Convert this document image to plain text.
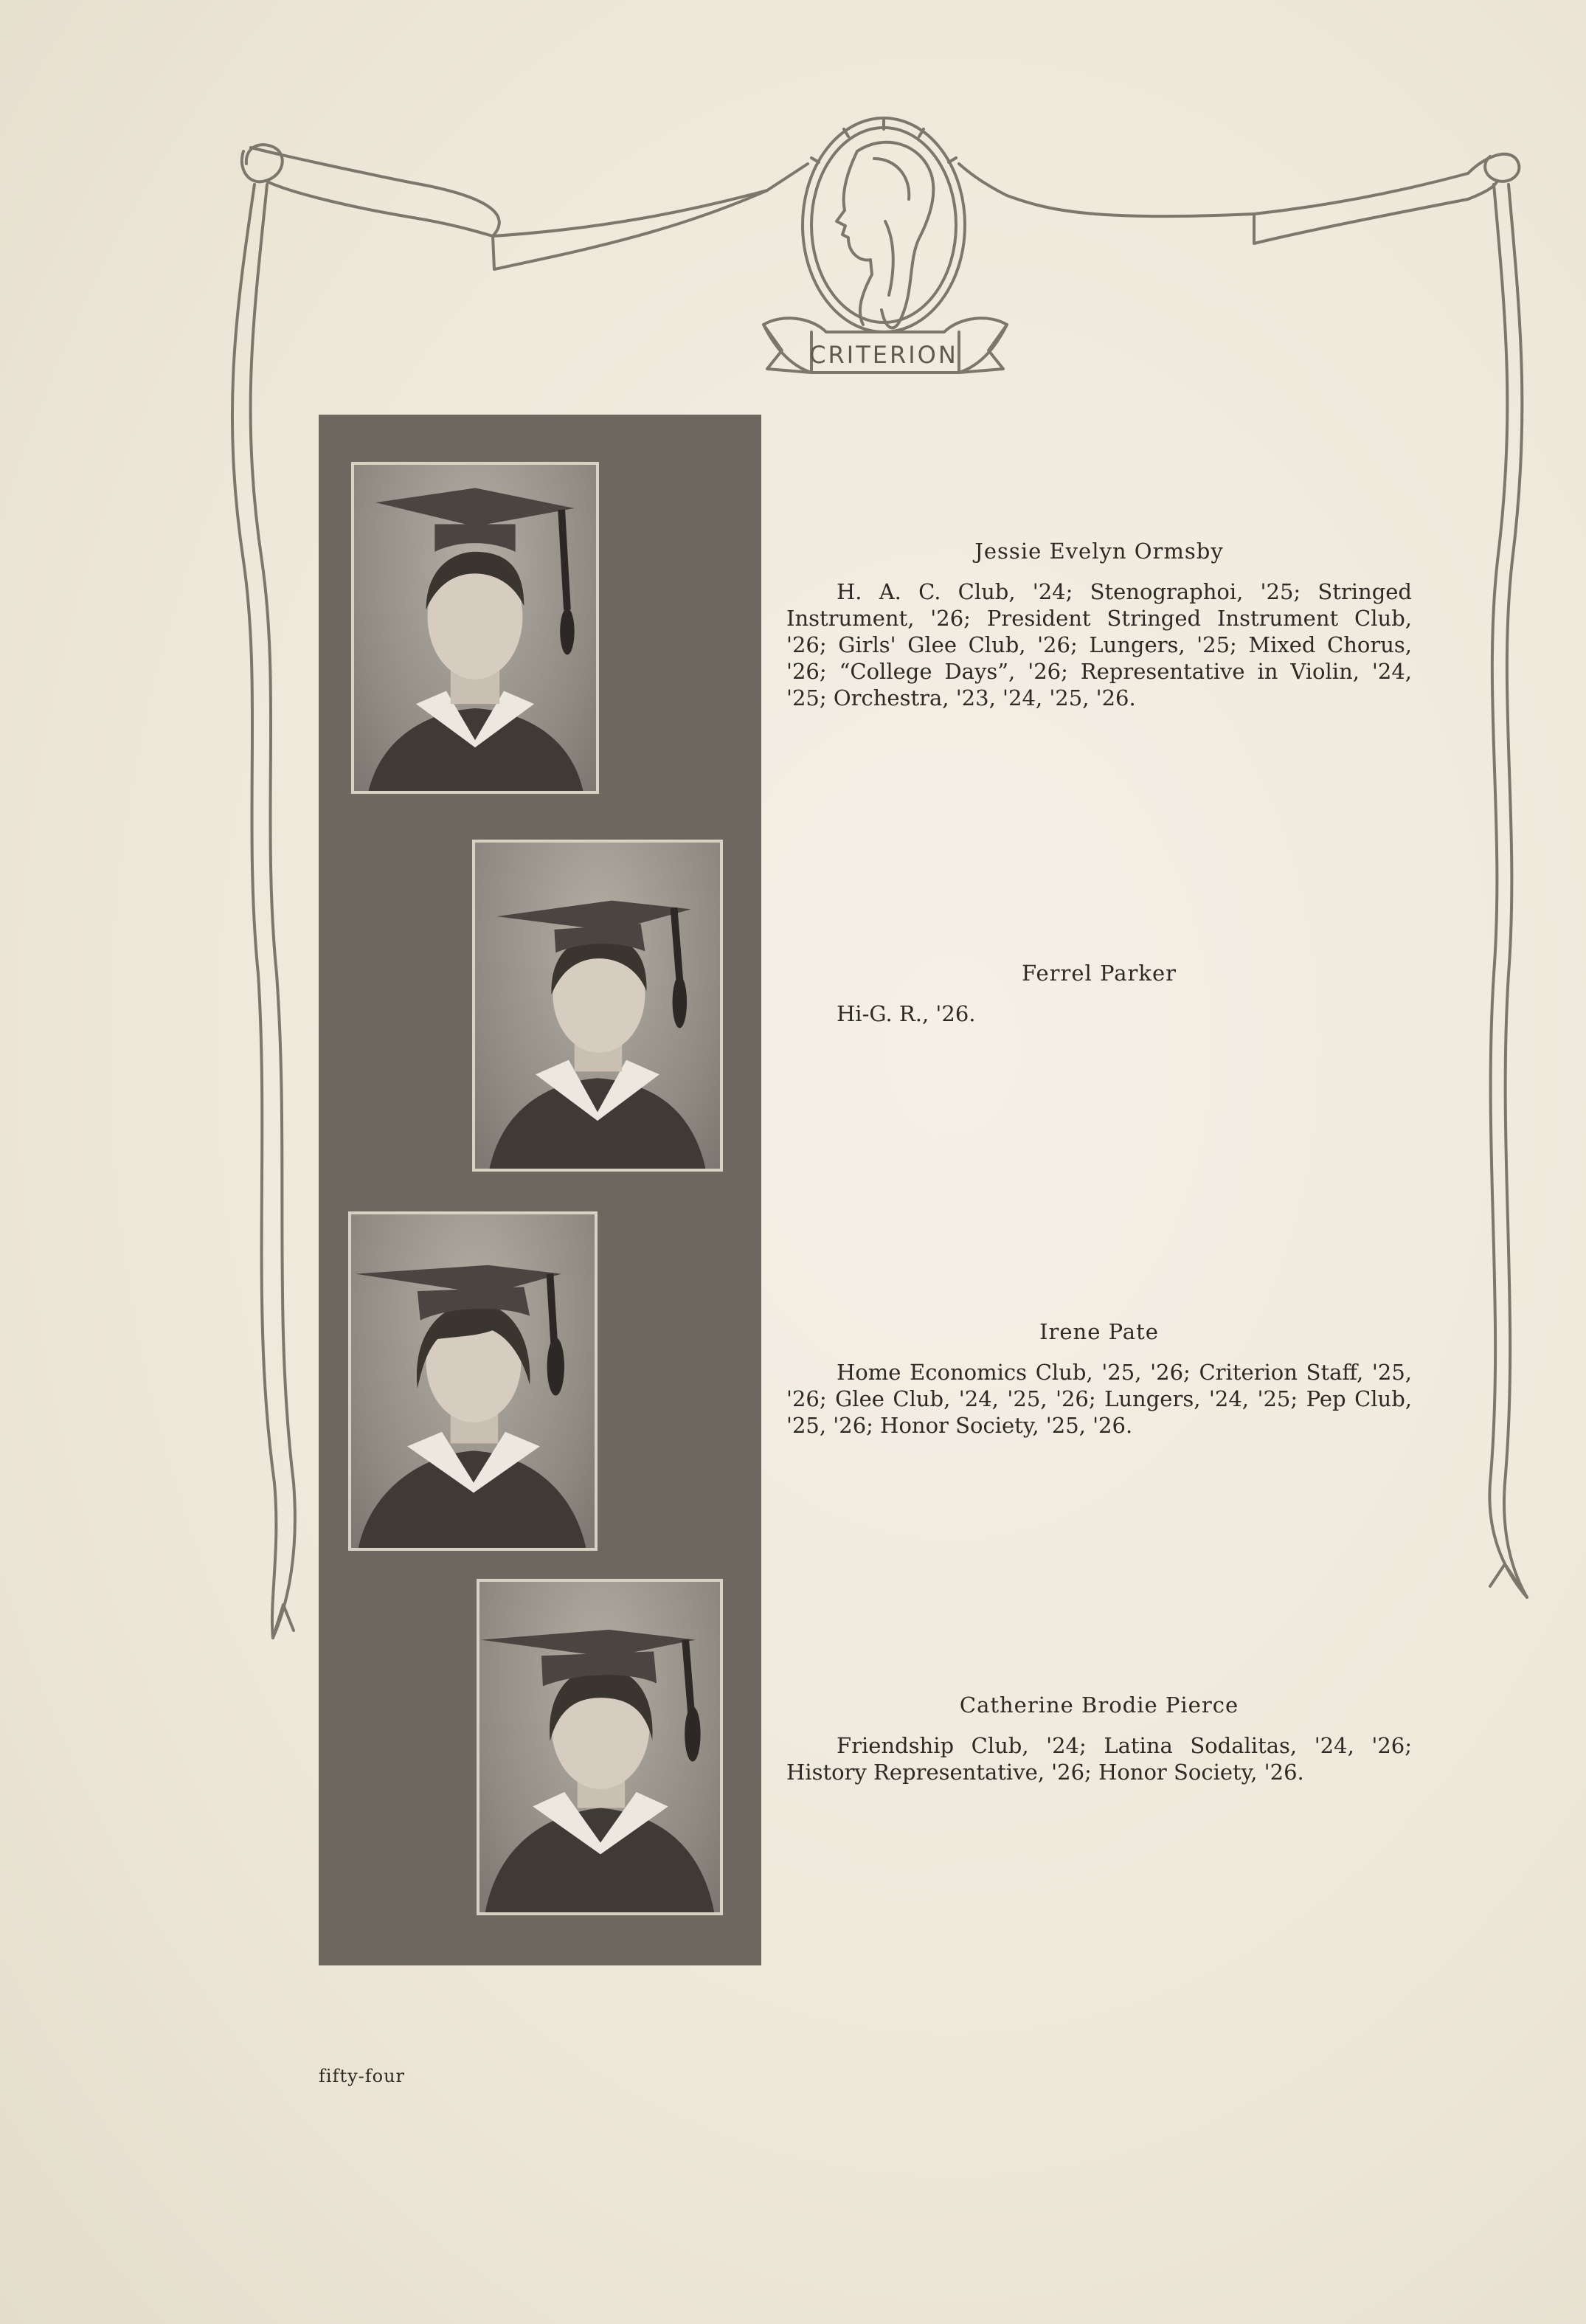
CRITERION

Jessie Evelyn Ormsby

H. A. C. Club, '24; Stenographoi, '25; Stringed Instrument, '26; President Stringed Instrument Club, '26; Girls' Glee Club, '26; Lungers, '25; Mixed Chorus, '26; “College Days”, '26; Representative in Violin, '24, '25; Orchestra, '23, '24, '25, '26.

Ferrel Parker

Hi-G. R., '26.

Irene Pate

Home Economics Club, '25, '26; Criterion Staff, '25, '26; Glee Club, '24, '25, '26; Lungers, '24, '25; Pep Club, '25, '26; Honor Society, '25, '26.

Catherine Brodie Pierce

Friendship Club, '24; Latina Sodalitas, '24, '26; History Representative, '26; Honor Society, '26.

fifty-four
